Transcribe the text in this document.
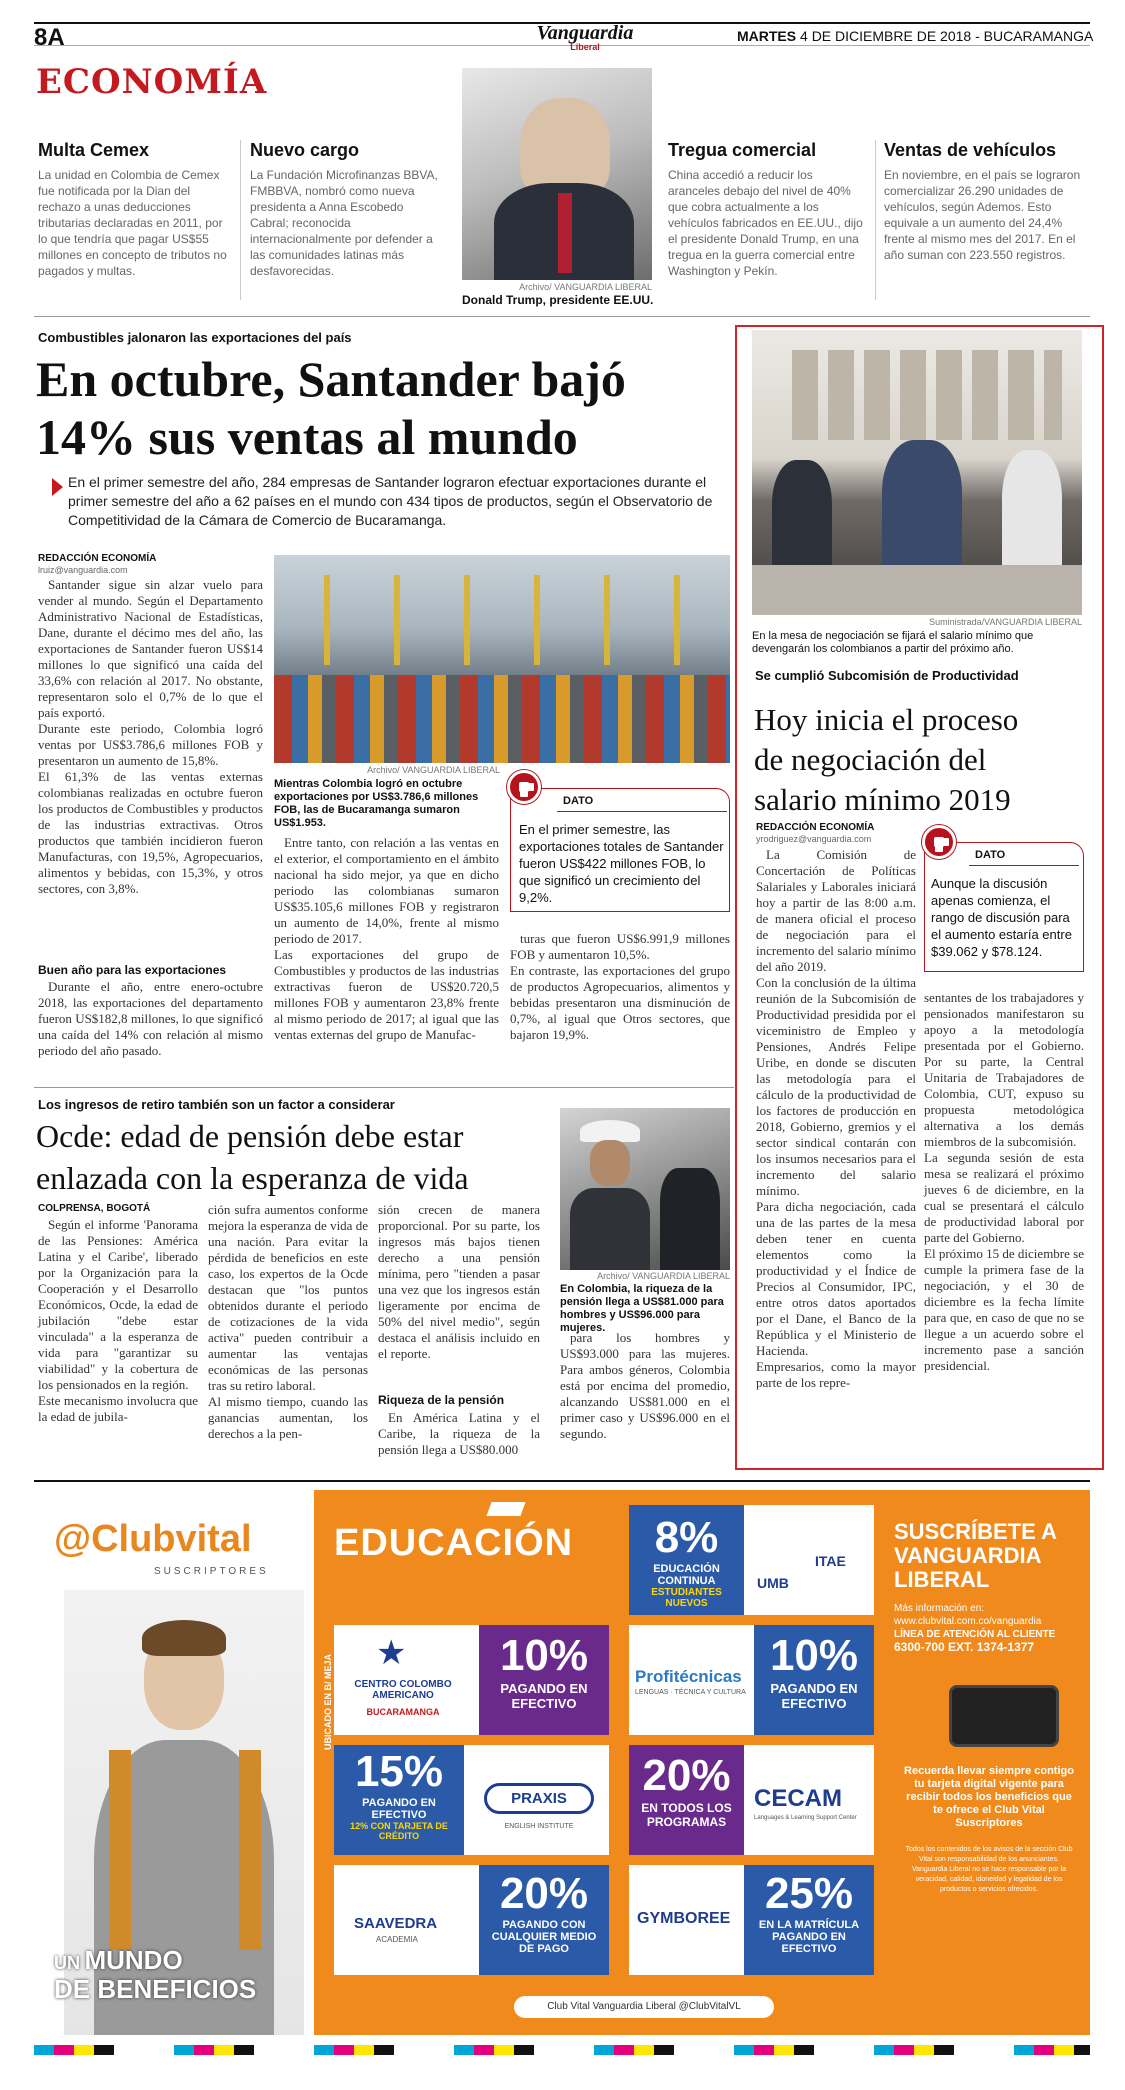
8A	Vanguardia
Liberal
MARTES 4 DE DICIEMBRE DE 2018 - BUCARAMANGA
ECONOMÍA
Multa Cemex
La unidad en Colombia de Cemex fue notificada por la Dian del rechazo a unas deducciones tributarias declaradas en 2011, por lo que tendría que pagar US$55 millones en concepto de tributos no pagados y multas.
Nuevo cargo
La Fundación Microfinanzas BBVA, FMBBVA, nombró como nueva presidenta a Anna Escobedo Cabral; reconocida internacionalmente por defender a las comunidades latinas más desfavorecidas.
Archivo/ VANGUARDIA LIBERAL
Donald Trump, presidente EE.UU.
Tregua comercial
China accedió a reducir los aranceles debajo del nivel de 40% que cobra actualmente a los vehículos fabricados en EE.UU., dijo el presidente Donald Trump, en una tregua en la guerra comercial entre Washington y Pekín.
Ventas de vehículos
En noviembre, en el país se lograron comercializar 26.290 unidades de vehículos, según Ademos. Esto equivale a un aumento del 24,4% frente al mismo mes del 2017. En el año suman con 223.550 registros.
Combustibles jalonaron las exportaciones del país
En octubre, Santander bajó
14% sus ventas al mundo
En el primer semestre del año, 284 empresas de Santander lograron efectuar exportaciones durante el primer semestre del año a 62 países en el mundo con 434 tipos de productos, según el Observatorio de Competitividad de la Cámara de Comercio de Bucaramanga.
REDACCIÓN ECONOMÍA
lruiz@vanguardia.com
Santander sigue sin alzar vuelo para vender al mundo. Según el Departamento Administrativo Nacional de Estadísticas, Dane, durante el décimo mes del año, las exportaciones de Santander fueron US$14 millones lo que significó una caída del 33,6% con relación al 2017. No obstante, representaron solo el 0,7% de lo que el país exportó.
Durante este periodo, Colombia logró ventas por US$3.786,6 millones FOB y presentaron un aumento de 15,8%.
El 61,3% de las ventas externas colombianas realizadas en octubre fueron los productos de Combustibles y productos de las industrias extractivas. Otros productos que también incidieron fueron Manufacturas, con 19,5%, Agropecuarios, alimentos y bebidas, con 15,3%, y otros sectores, con 3,8%.
Buen año para las exportaciones
Durante el año, entre enero-octubre 2018, las exportaciones del departamento fueron US$182,8 millones, lo que significó una caída del 14% con relación al mismo periodo del año pasado.
Archivo/ VANGUARDIA LIBERAL
Mientras Colombia logró en octubre exportaciones por US$3.786,6 millones FOB, las de Bucaramanga sumaron US$1.953.
Entre tanto, con relación a las ventas en el exterior, el comportamiento en el ámbito nacional ha sido mejor, ya que en dicho periodo las colombianas sumaron US$35.105,6 millones FOB y registraron un aumento de 14,0%, frente al mismo periodo de 2017.
Las exportaciones del grupo de Combustibles y productos de las industrias extractivas fueron de US$20.720,5 millones FOB y aumentaron 23,8% frente al mismo periodo de 2017; al igual que las ventas externas del grupo de Manufac-
DATO
En el primer semestre, las exportaciones totales de Santander fueron US$422 millones FOB, lo que significó un crecimiento del 9,2%.
turas que fueron US$6.991,9 millones FOB y aumentaron 10,5%.
En contraste, las exportaciones del grupo de productos Agropecuarios, alimentos y bebidas presentaron una disminución de 0,7%, al igual que Otros sectores, que bajaron 19,9%.
Los ingresos de retiro también son un factor a considerar
Ocde: edad de pensión debe estar
enlazada con la esperanza de vida
COLPRENSA, BOGOTÁ
Según el informe 'Panorama de las Pensiones: América Latina y el Caribe', liberado por la Organización para la Cooperación y el Desarrollo Económicos, Ocde, la edad de jubilación "debe estar vinculada" a la esperanza de vida para "garantizar su viabilidad" y la cobertura de los pensionados en la región.
Este mecanismo involucra que la edad de jubila-
ción sufra aumentos conforme mejora la esperanza de vida de una nación. Para evitar la pérdida de beneficios en este caso, los expertos de la Ocde destacan que "los puntos obtenidos durante el periodo de cotizaciones de la vida activa" pueden contribuir a aumentar las ventajas económicas de las personas tras su retiro laboral.
Al mismo tiempo, cuando las ganancias aumentan, los derechos a la pen-
sión crecen de manera proporcional. Por su parte, los ingresos más bajos tienen derecho a una pensión mínima, pero "tienden a pasar una vez que los ingresos están ligeramente por encima de 50% del nivel medio", según destaca el análisis incluido en el reporte.
Riqueza de la pensión
En América Latina y el Caribe, la riqueza de la pensión llega a US$80.000
Archivo/ VANGUARDIA LIBERAL
En Colombia, la riqueza de la pensión llega a US$81.000 para hombres y US$96.000 para mujeres.
para los hombres y US$93.000 para las mujeres. Para ambos géneros, Colombia está por encima del promedio, alcanzando US$81.000 en el primer caso y US$96.000 en el segundo.
Suministrada/VANGUARDIA LIBERAL
En la mesa de negociación se fijará el salario mínimo que devengarán los colombianos a partir del próximo año.
Se cumplió Subcomisión de Productividad
Hoy inicia el proceso
de negociación del
salario mínimo 2019
REDACCIÓN ECONOMÍA
yrodriguez@vanguardia.com
La Comisión de Concertación de Políticas Salariales y Laborales iniciará hoy a partir de las 8:00 a.m. de manera oficial el proceso de negociación para el incremento del salario mínimo del año 2019.
Con la conclusión de la última reunión de la Subcomisión de Productividad presidida por el viceministro de Empleo y Pensiones, Andrés Felipe Uribe, en donde se discuten las metodología para el cálculo de la productividad de los factores de producción en 2018, Gobierno, gremios y el sector sindical contarán con los insumos necesarios para el incremento del salario mínimo.
Para dicha negociación, cada una de las partes de la mesa deben tener en cuenta elementos como la productividad y el Índice de Precios al Consumidor, IPC, entre otros datos aportados por el Dane, el Banco de la República y el Ministerio de Hacienda.
Empresarios, como la mayor parte de los repre-
DATO
Aunque la discusión apenas comienza, el rango de discusión para el aumento estaría entre $39.062 y $78.124.
sentantes de los trabajadores y pensionados manifestaron su apoyo a la metodología presentada por el Gobierno. Por su parte, la Central Unitaria de Trabajadores de Colombia, CUT, expuso su propuesta metodológica alternativa a los demás miembros de la subcomisión.
La segunda sesión de esta mesa se realizará el próximo jueves 6 de diciembre, en la cual se presentará el cálculo de productividad laboral por parte del Gobierno.
El próximo 15 de diciembre se cumple la primera fase de la negociación, y el 30 de diciembre es la fecha límite para que, en caso de que no se llegue a un acuerdo sobre el incremento pase a sanción presidencial.
@Clubvital
SUSCRIPTORES
UN MUNDO
DE BENEFICIOS
UBICADO EN B/ MEJA
EDUCACIÓN	8%
EDUCACIÓN CONTINUA
ESTUDIANTES NUEVOS
UMB
ITAE
★
CENTRO COLOMBO AMERICANO
BUCARAMANGA
10%
PAGANDO EN EFECTIVO
Profitécnicas
LENGUAS · TÉCNICA Y CULTURA
10%
PAGANDO EN EFECTIVO
15%
PAGANDO EN EFECTIVO
12% CON TARJETA DE CRÉDITO
PRAXIS
ENGLISH INSTITUTE
20%
EN TODOS LOS PROGRAMAS
CECAM
Languages & Learning Support Center
SAAVEDRA
ACADEMIA
20%
PAGANDO CON CUALQUIER MEDIO DE PAGO
GYMBOREE
25%
EN LA MATRÍCULA PAGANDO EN EFECTIVO
Club Vital Vanguardia Liberal @ClubVitalVL
SUSCRÍBETE A
VANGUARDIA
LIBERAL
Más información en:
www.clubvital.com.co/vanguardia
LÍNEA DE ATENCIÓN AL CLIENTE
6300-700 EXT. 1374-1377
Recuerda llevar siempre contigo tu tarjeta digital vigente para recibir todos los beneficios que te ofrece el Club Vital Suscriptores
Todos los contenidos de los avisos de la sección Club Vital son responsabilidad de los anunciantes. Vanguardia Liberal no se hace responsable por la veracidad, calidad, idoneidad y legalidad de los productos o servicios ofrecidos.
